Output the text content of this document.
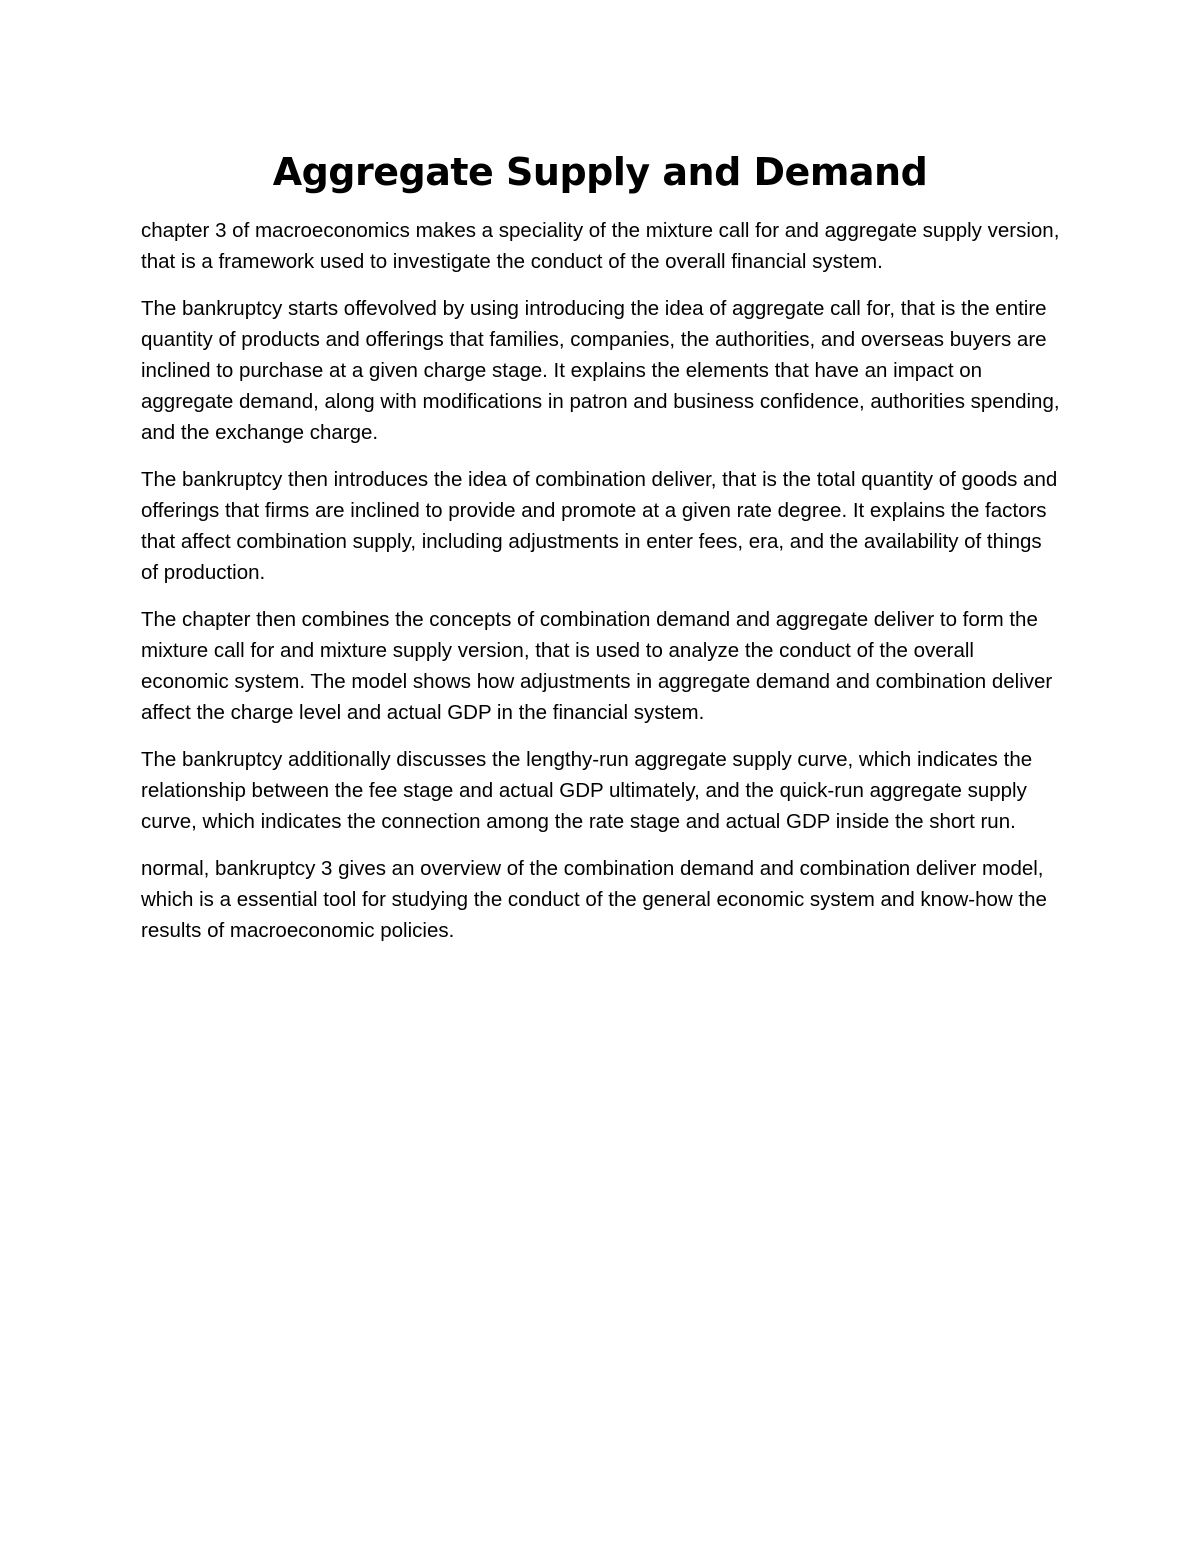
Aggregate Supply and Demand

chapter 3 of macroeconomics makes a speciality of the mixture call for and aggregate supply version, that is a framework used to investigate the conduct of the overall financial system.

The bankruptcy starts offevolved by using introducing the idea of aggregate call for, that is the entire quantity of products and offerings that families, companies, the authorities, and overseas buyers are inclined to purchase at a given charge stage. It explains the elements that have an impact on aggregate demand, along with modifications in patron and business confidence, authorities spending, and the exchange charge.

The bankruptcy then introduces the idea of combination deliver, that is the total quantity of goods and offerings that firms are inclined to provide and promote at a given rate degree. It explains the factors that affect combination supply, including adjustments in enter fees, era, and the availability of things of production.

The chapter then combines the concepts of combination demand and aggregate deliver to form the mixture call for and mixture supply version, that is used to analyze the conduct of the overall economic system. The model shows how adjustments in aggregate demand and combination deliver affect the charge level and actual GDP in the financial system.

The bankruptcy additionally discusses the lengthy-run aggregate supply curve, which indicates the relationship between the fee stage and actual GDP ultimately, and the quick-run aggregate supply curve, which indicates the connection among the rate stage and actual GDP inside the short run.

normal, bankruptcy 3 gives an overview of the combination demand and combination deliver model, which is a essential tool for studying the conduct of the general economic system and know-how the results of macroeconomic policies.
